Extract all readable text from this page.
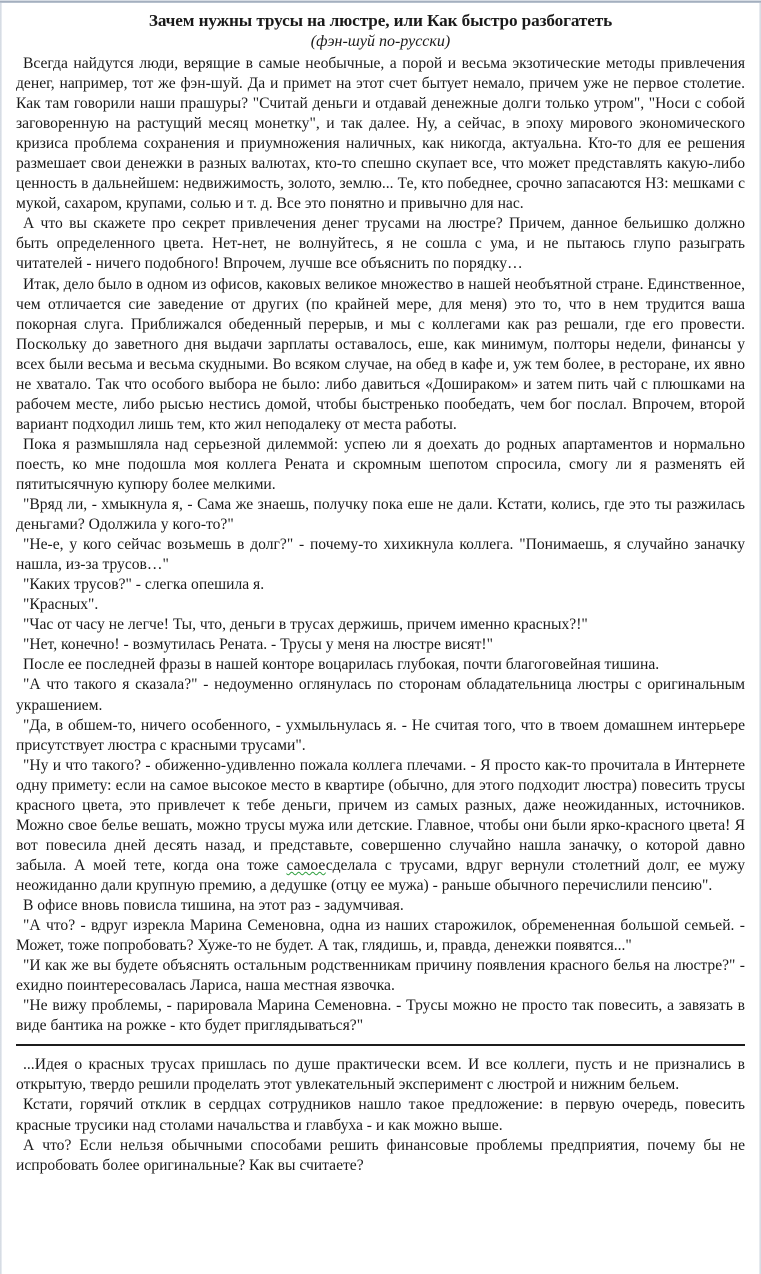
Зачем нужны трусы на люстре, или Как быстро разбогатеть
(фэн-шуй по-русски)

Всегда найдутся люди, верящие в самые необычные, а порой и весьма экзотические методы привлечения денег, например, тот же фэн-шуй. Да и примет на этот счет бытует немало, причем уже не первое столетие. Как там говорили наши прашуры? "Считай деньги и отдавай денежные долги только утром", "Носи с собой заговоренную на растущий месяц монетку", и так далее. Ну, а сейчас, в эпоху мирового экономического кризиса проблема сохранения и приумножения наличных, как никогда, актуальна. Кто-то для ее решения размешает свои денежки в разных валютах, кто-то спешно скупает все, что может представлять какую-либо ценность в дальнейшем: недвижимость, золото, землю... Те, кто победнее, срочно запасаются НЗ: мешками с мукой, сахаром, крупами, солью и т. д. Все это понятно и привычно для нас.

А что вы скажете про секрет привлечения денег трусами на люстре? Причем, данное бельишко должно быть определенного цвета. Нет-нет, не волнуйтесь, я не сошла с ума, и не пытаюсь глупо разыграть читателей - ничего подобного! Впрочем, лучше все объяснить по порядку…

Итак, дело было в одном из офисов, каковых великое множество в нашей необъятной стране. Единственное, чем отличается сие заведение от других (по крайней мере, для меня) это то, что в нем трудится ваша покорная слуга. Приближался обеденный перерыв, и мы с коллегами как раз решали, где его провести. Поскольку до заветного дня выдачи зарплаты оставалось, еше, как минимум, полторы недели, финансы у всех были весьма и весьма скудными. Во всяком случае, на обед в кафе и, уж тем более, в ресторане, их явно не хватало. Так что особого выбора не было: либо давиться «Дошираком» и затем пить чай с плюшками на рабочем месте, либо рысью нестись домой, чтобы быстренько пообедать, чем бог послал. Впрочем, второй вариант подходил лишь тем, кто жил неподалеку от места работы.

Пока я размышляла над серьезной дилеммой: успею ли я доехать до родных апартаментов и нормально поесть, ко мне подошла моя коллега Рената и скромным шепотом спросила, смогу ли я разменять ей пятитысячную купюру более мелкими.

"Вряд ли, - хмыкнула я, - Сама же знаешь, получку пока еше не дали. Кстати, колись, где это ты разжилась деньгами? Одолжила у кого-то?"

"Не-е, у кого сейчас возьмешь в долг?" - почему-то хихикнула коллега. "Понимаешь, я случайно заначку нашла, из-за трусов…"

"Каких трусов?" - слегка опешила я.

"Красных".

"Час от часу не легче! Ты, что, деньги в трусах держишь, причем именно красных?!"

"Нет, конечно! - возмутилась Рената. - Трусы у меня на люстре висят!"

После ее последней фразы в нашей конторе воцарилась глубокая, почти благоговейная тишина.

"А что такого я сказала?" - недоуменно оглянулась по сторонам обладательница люстры с оригинальным украшением.

"Да, в обшем-то, ничего особенного, - ухмыльнулась я. - Не считая того, что в твоем домашнем интерьере присутствует люстра с красными трусами".

"Ну и что такого? - обиженно-удивленно пожала коллега плечами. - Я просто как-то прочитала в Интернете одну примету: если на самое высокое место в квартире (обычно, для этого подходит люстра) повесить трусы красного цвета, это привлечет к тебе деньги, причем из самых разных, даже неожиданных, источников. Можно свое белье вешать, можно трусы мужа или детские. Главное, чтобы они были ярко-красного цвета! Я вот повесила дней десять назад, и представьте, совершенно случайно нашла заначку, о которой давно забыла. А моей тете, когда она тоже самоесделала с трусами, вдруг вернули столетний долг, ее мужу неожиданно дали крупную премию, а дедушке (отцу ее мужа) - раньше обычного перечислили пенсию".

В офисе вновь повисла тишина, на этот раз - задумчивая.

"А что? - вдруг изрекла Марина Семеновна, одна из наших старожилок, обремененная большой семьей. - Может, тоже попробовать? Хуже-то не будет. А так, глядишь, и, правда, денежки появятся..."

"И как же вы будете объяснять остальным родственникам причину появления красного белья на люстре?" - ехидно поинтересовалась Лариса, наша местная язвочка.

"Не вижу проблемы, - парировала Марина Семеновна. - Трусы можно не просто так повесить, а завязать в виде бантика на рожке - кто будет приглядываться?"

...Идея о красных трусах пришлась по душе практически всем. И все коллеги, пусть и не признались в открытую, твердо решили проделать этот увлекательный эксперимент с люстрой и нижним бельем.

Кстати, горячий отклик в сердцах сотрудников нашло такое предложение: в первую очередь, повесить красные трусики над столами начальства и главбуха - и как можно выше.

А что? Если нельзя обычными способами решить финансовые проблемы предприятия, почему бы не испробовать более оригинальные? Как вы считаете?
